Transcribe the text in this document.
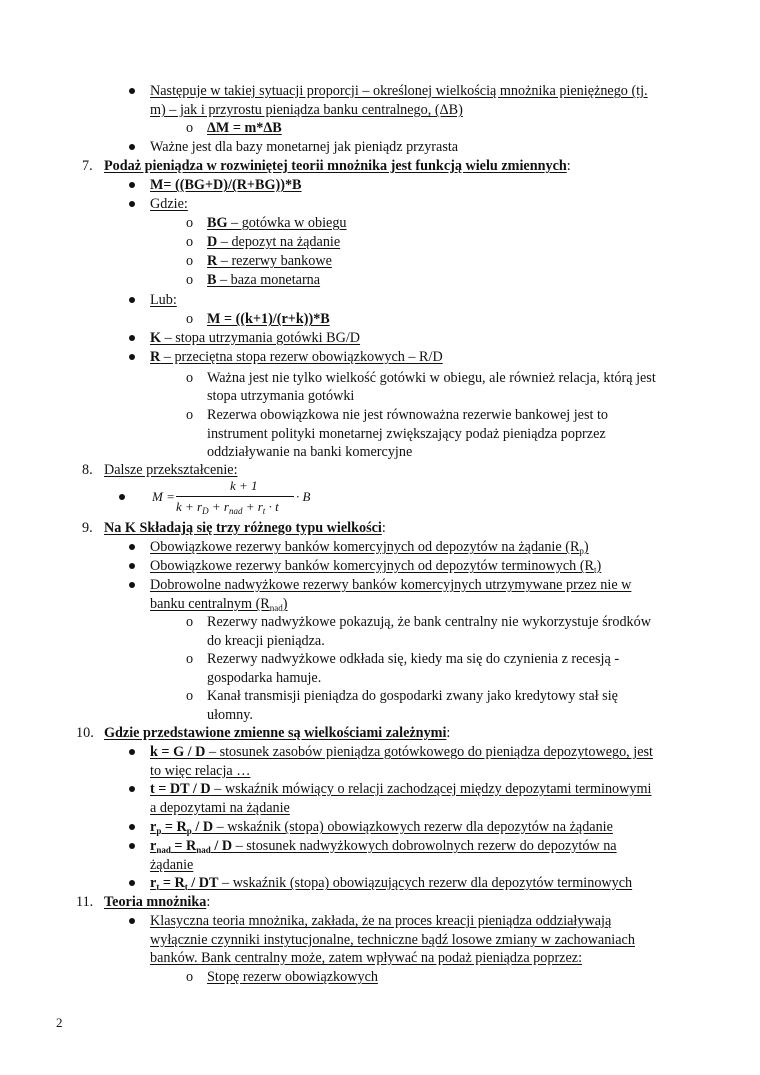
Następuje w takiej sytuacji proporcji – określonej wielkością mnożnika pieniężnego (tj.
m) – jak i przyrostu pieniądza banku centralnego, (ΔB)
o ΔM = m*ΔB
Ważne jest dla bazy monetarnej jak pieniądz przyrasta
7. Podaż pieniądza w rozwiniętej teorii mnożnika jest funkcją wielu zmiennych:
M= ((BG+D)/(R+BG))*B
Gdzie:
o BG – gotówka w obiegu
o D – depozyt na żądanie
o R – rezerwy bankowe
o B – baza monetarna
Lub:
o M = ((k+1)/(r+k))*B
K – stopa utrzymania gotówki BG/D
R – przeciętna stopa rezerw obowiązkowych – R/D
o Ważna jest nie tylko wielkość gotówki w obiegu, ale również relacja, którą jest
stopa utrzymania gotówki
o Rezerwa obowiązkowa nie jest równoważna rezerwie bankowej jest to
instrument polityki monetarnej zwiększający podaż pieniądza poprzez
oddziaływanie na banki komercyjne
8. Dalsze przekształcenie:
M =
k + 1
$k + r_D + r_{nad} + r_t \cdot t$
· B
9. Na K Składają się trzy różnego typu wielkości:
Obowiązkowe rezerwy banków komercyjnych od depozytów na żądanie $(R_p)$
Obowiązkowe rezerwy banków komercyjnych od depozytów terminowych $(R_t)$
Dobrowolne nadwyżkowe rezerwy banków komercyjnych utrzymywane przez nie w
banku centralnym $(R_{nad})$
o Rezerwy nadwyżkowe pokazują, że bank centralny nie wykorzystuje środków
do kreacji pieniądza.
o Rezerwy nadwyżkowe odkłada się, kiedy ma się do czynienia z recesją -
gospodarka hamuje.
o Kanał transmisji pieniądza do gospodarki zwany jako kredytowy stał się
ułomny.
10. Gdzie przedstawione zmienne są wielkościami zależnymi:
k = G / D – stosunek zasobów pieniądza gotówkowego do pieniądza depozytowego, jest
to więc relacja …
t = DT / D – wskaźnik mówiący o relacji zachodzącej między depozytami terminowymi
a depozytami na żądanie
$r_p = R_p / D$ – wskaźnik (stopa) obowiązkowych rezerw dla depozytów na żądanie
$r_{nad} = R_{nad} / D$ – stosunek nadwyżkowych dobrowolnych rezerw do depozytów na
żądanie
$r_t = R_t$ / DT – wskaźnik (stopa) obowiązujących rezerw dla depozytów terminowych
11. Teoria mnożnika:
Klasyczna teoria mnożnika, zakłada, że na proces kreacji pieniądza oddziaływają
wyłącznie czynniki instytucjonalne, techniczne bądź losowe zmiany w zachowaniach
banków. Bank centralny może, zatem wpływać na podaż pieniądza poprzez:
o Stopę rezerw obowiązkowych
2
